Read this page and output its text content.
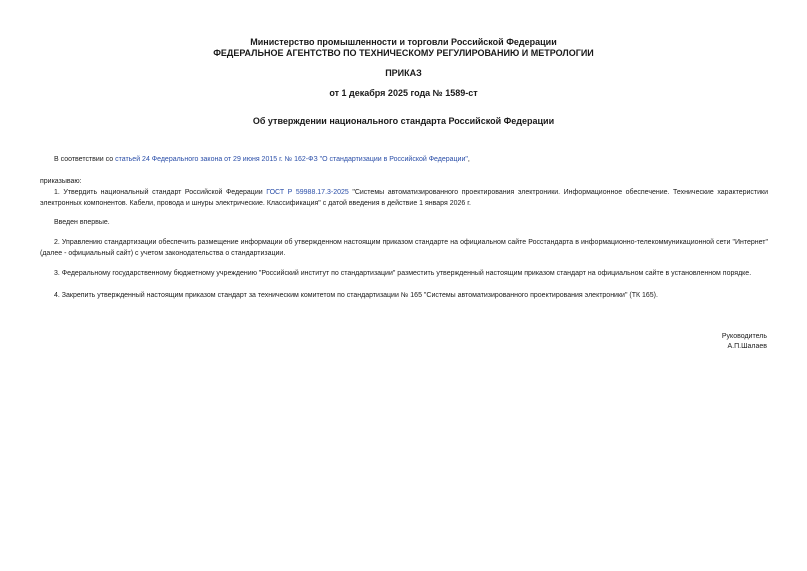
Министерство промышленности и торговли Российской Федерации
ФЕДЕРАЛЬНОЕ АГЕНТСТВО ПО ТЕХНИЧЕСКОМУ РЕГУЛИРОВАНИЮ И МЕТРОЛОГИИ
ПРИКАЗ
от 1 декабря 2025 года № 1589-ст
Об утверждении национального стандарта Российской Федерации
В соответствии со статьей 24 Федерального закона от 29 июня 2015 г. № 162-ФЗ "О стандартизации в Российской Федерации",
приказываю:
1. Утвердить национальный стандарт Российской Федерации ГОСТ Р 59988.17.3-2025 "Системы автоматизированного проектирования электроники. Информационное обеспечение. Технические характеристики электронных компонентов. Кабели, провода и шнуры электрические. Классификация" с датой введения в действие 1 января 2026 г.
Введен впервые.
2. Управлению стандартизации обеспечить размещение информации об утвержденном настоящим приказом стандарте на официальном сайте Росстандарта в информационно-телекоммуникационной сети "Интернет" (далее - официальный сайт) с учетом законодательства о стандартизации.
3. Федеральному государственному бюджетному учреждению "Российский институт по стандартизации" разместить утвержденный настоящим приказом стандарт на официальном сайте в установленном порядке.
4. Закрепить утвержденный настоящим приказом стандарт за техническим комитетом по стандартизации № 165 "Системы автоматизированного проектирования электроники" (ТК 165).
Руководитель
А.П.Шалаев
